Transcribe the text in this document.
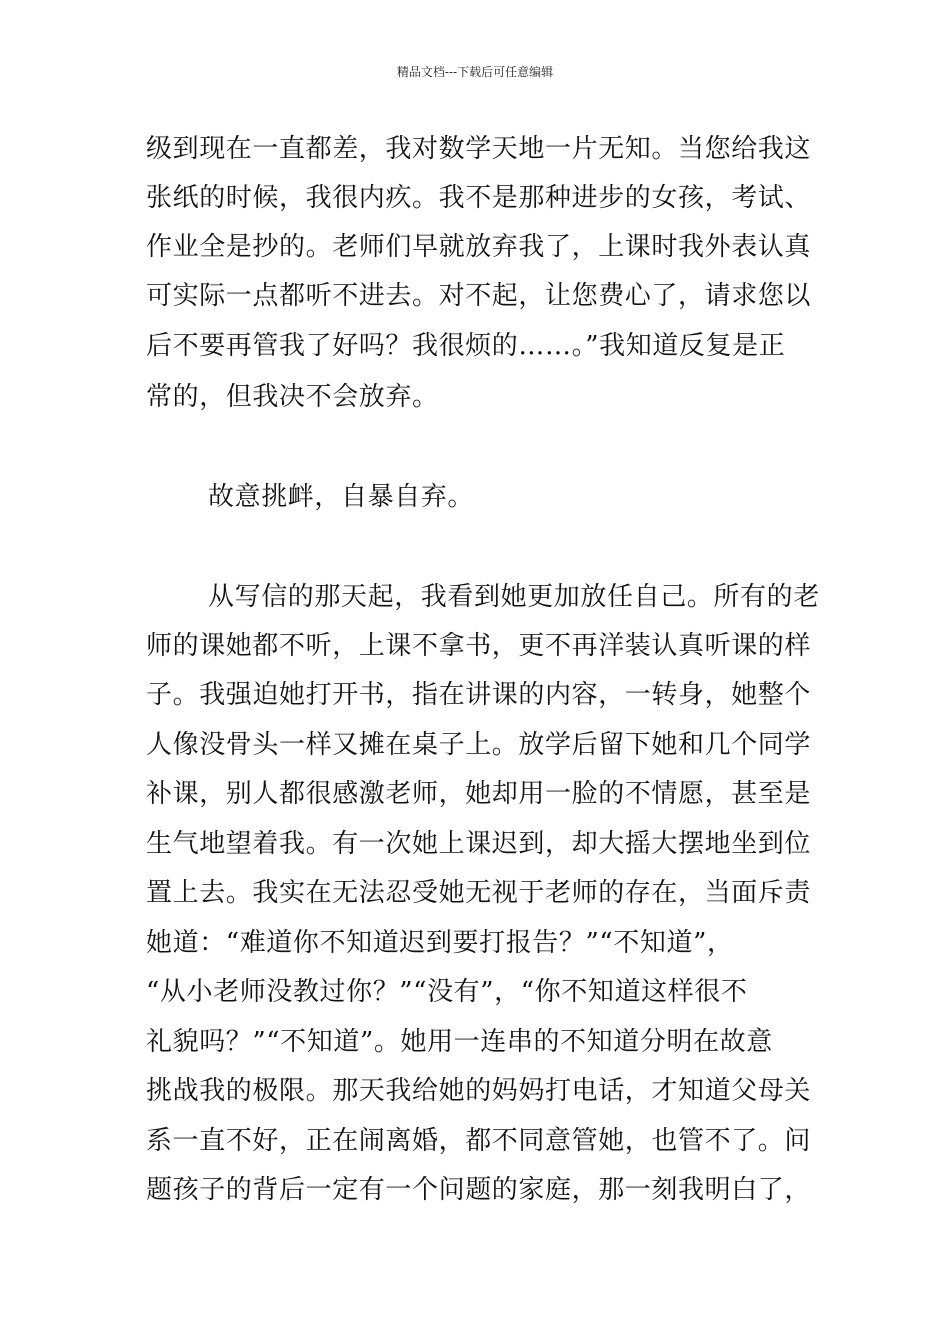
精品文档---下载后可任意编辑
级到现在一直都差，我对数学天地一片无知。当您给我这
张纸的时候，我很内疚。我不是那种进步的女孩，考试、
作业全是抄的。老师们早就放弃我了，上课时我外表认真
可实际一点都听不进去。对不起，让您费心了，请求您以
后不要再管我了好吗？我很烦的……。”我知道反复是正
常的，但我决不会放弃。
故意挑衅，自暴自弃。
从写信的那天起，我看到她更加放任自己。所有的老
师的课她都不听，上课不拿书，更不再洋装认真听课的样
子。我强迫她打开书，指在讲课的内容，一转身，她整个
人像没骨头一样又摊在桌子上。放学后留下她和几个同学
补课，别人都很感激老师，她却用一脸的不情愿，甚至是
生气地望着我。有一次她上课迟到，却大摇大摆地坐到位
置上去。我实在无法忍受她无视于老师的存在，当面斥责
她道：“难道你不知道迟到要打报告？”“不知道”，
“从小老师没教过你？”“没有”，“你不知道这样很不
礼貌吗？”“不知道”。她用一连串的不知道分明在故意
挑战我的极限。那天我给她的妈妈打电话，才知道父母关
系一直不好，正在闹离婚，都不同意管她，也管不了。问
题孩子的背后一定有一个问题的家庭，那一刻我明白了，
